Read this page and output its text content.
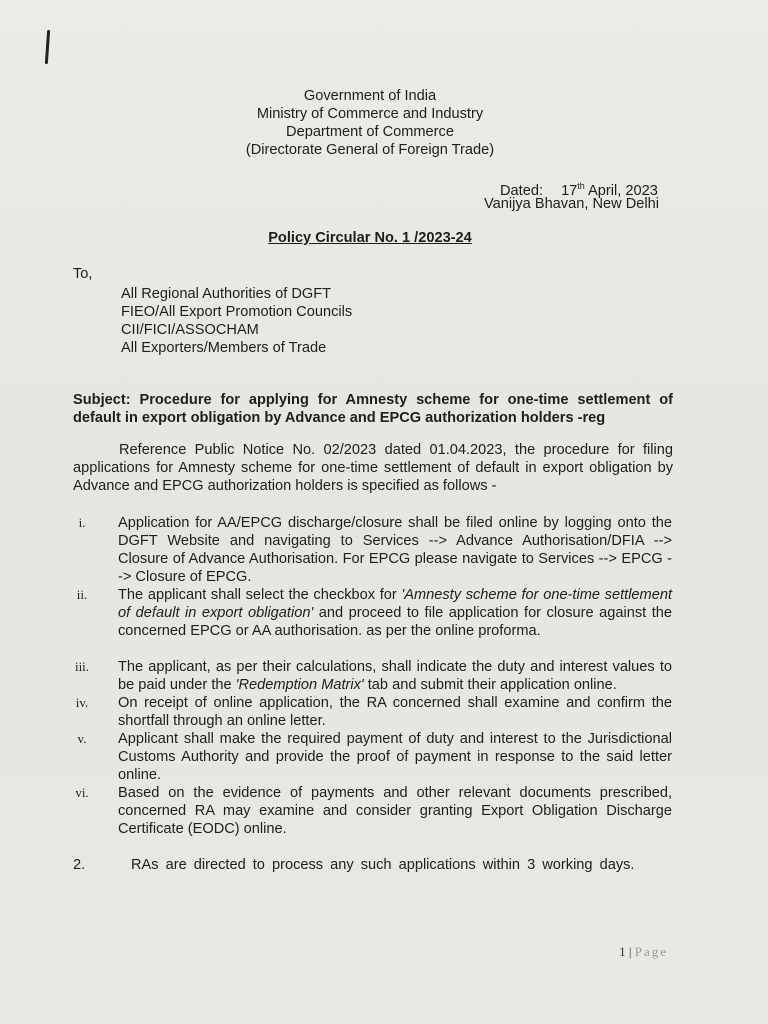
Government of India
Ministry of Commerce and Industry
Department of Commerce
(Directorate General of Foreign Trade)
Dated: 17th April, 2023
Vanijya Bhavan, New Delhi
Policy Circular No. 1 /2023-24
To,
All Regional Authorities of DGFT
FIEO/All Export Promotion Councils
CII/FICI/ASSOCHAM
All Exporters/Members of Trade
Subject: Procedure for applying for Amnesty scheme for one-time settlement of default in export obligation by Advance and EPCG authorization holders -reg
Reference Public Notice No. 02/2023 dated 01.04.2023, the procedure for filing applications for Amnesty scheme for one-time settlement of default in export obligation by Advance and EPCG authorization holders is specified as follows -
i.	Application for AA/EPCG discharge/closure shall be filed online by logging onto the DGFT Website and navigating to Services --> Advance Authorisation/DFIA --> Closure of Advance Authorisation. For EPCG please navigate to Services --> EPCG --> Closure of EPCG.
ii.	The applicant shall select the checkbox for 'Amnesty scheme for one-time settlement of default in export obligation' and proceed to file application for closure against the concerned EPCG or AA authorisation. as per the online proforma.
iii.	The applicant, as per their calculations, shall indicate the duty and interest values to be paid under the 'Redemption Matrix' tab and submit their application online.
iv.	On receipt of online application, the RA concerned shall examine and confirm the shortfall through an online letter.
v.	Applicant shall make the required payment of duty and interest to the Jurisdictional Customs Authority and provide the proof of payment in response to the said letter online.
vi.	Based on the evidence of payments and other relevant documents prescribed, concerned RA may examine and consider granting Export Obligation Discharge Certificate (EODC) online.
2.	RAs are directed to process any such applications within 3 working days.
1 | Page
